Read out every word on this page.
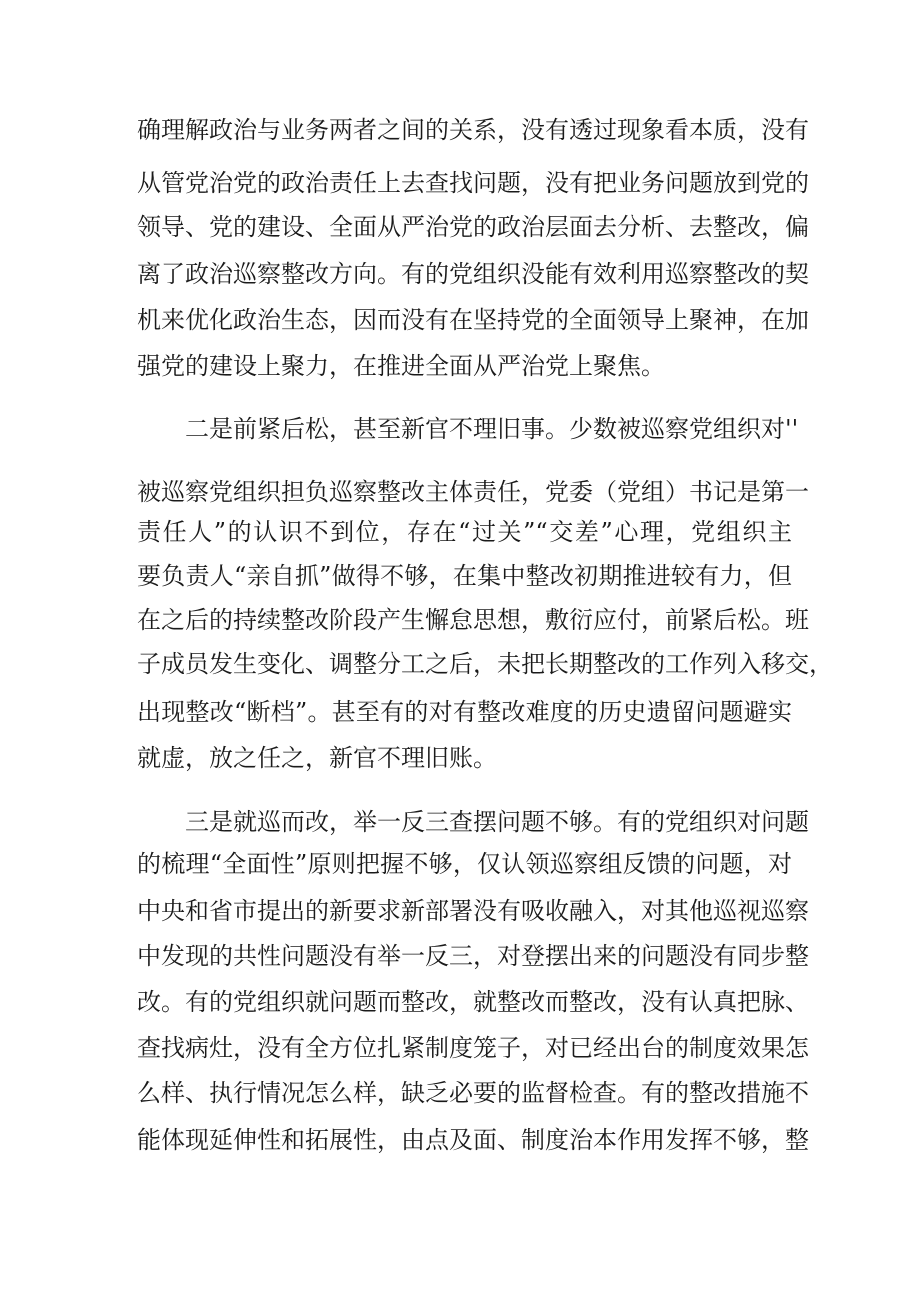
确理解政治与业务两者之间的关系，没有透过现象看本质，没有
从管党治党的政治责任上去查找问题，没有把业务问题放到党的
领导、党的建设、全面从严治党的政治层面去分析、去整改，偏
离了政治巡察整改方向。有的党组织没能有效利用巡察整改的契
机来优化政治生态，因而没有在坚持党的全面领导上聚神，在加
强党的建设上聚力，在推进全面从严治党上聚焦。
二是前紧后松，甚至新官不理旧事。少数被巡察党组织对''
被巡察党组织担负巡察整改主体责任，党委（党组）书记是第一
责任人”的认识不到位，存在“过关”“交差”心理，党组织主
要负责人“亲自抓”做得不够，在集中整改初期推进较有力，但
在之后的持续整改阶段产生懈怠思想，敷衍应付，前紧后松。班
子成员发生变化、调整分工之后，未把长期整改的工作列入移交，
出现整改“断档”。甚至有的对有整改难度的历史遗留问题避实
就虚，放之任之，新官不理旧账。
三是就巡而改，举一反三查摆问题不够。有的党组织对问题
的梳理“全面性”原则把握不够，仅认领巡察组反馈的问题，对
中央和省市提出的新要求新部署没有吸收融入，对其他巡视巡察
中发现的共性问题没有举一反三，对登摆出来的问题没有同步整
改。有的党组织就问题而整改，就整改而整改，没有认真把脉、
查找病灶，没有全方位扎紧制度笼子，对已经出台的制度效果怎
么样、执行情况怎么样，缺乏必要的监督检查。有的整改措施不
能体现延伸性和拓展性，由点及面、制度治本作用发挥不够，整
